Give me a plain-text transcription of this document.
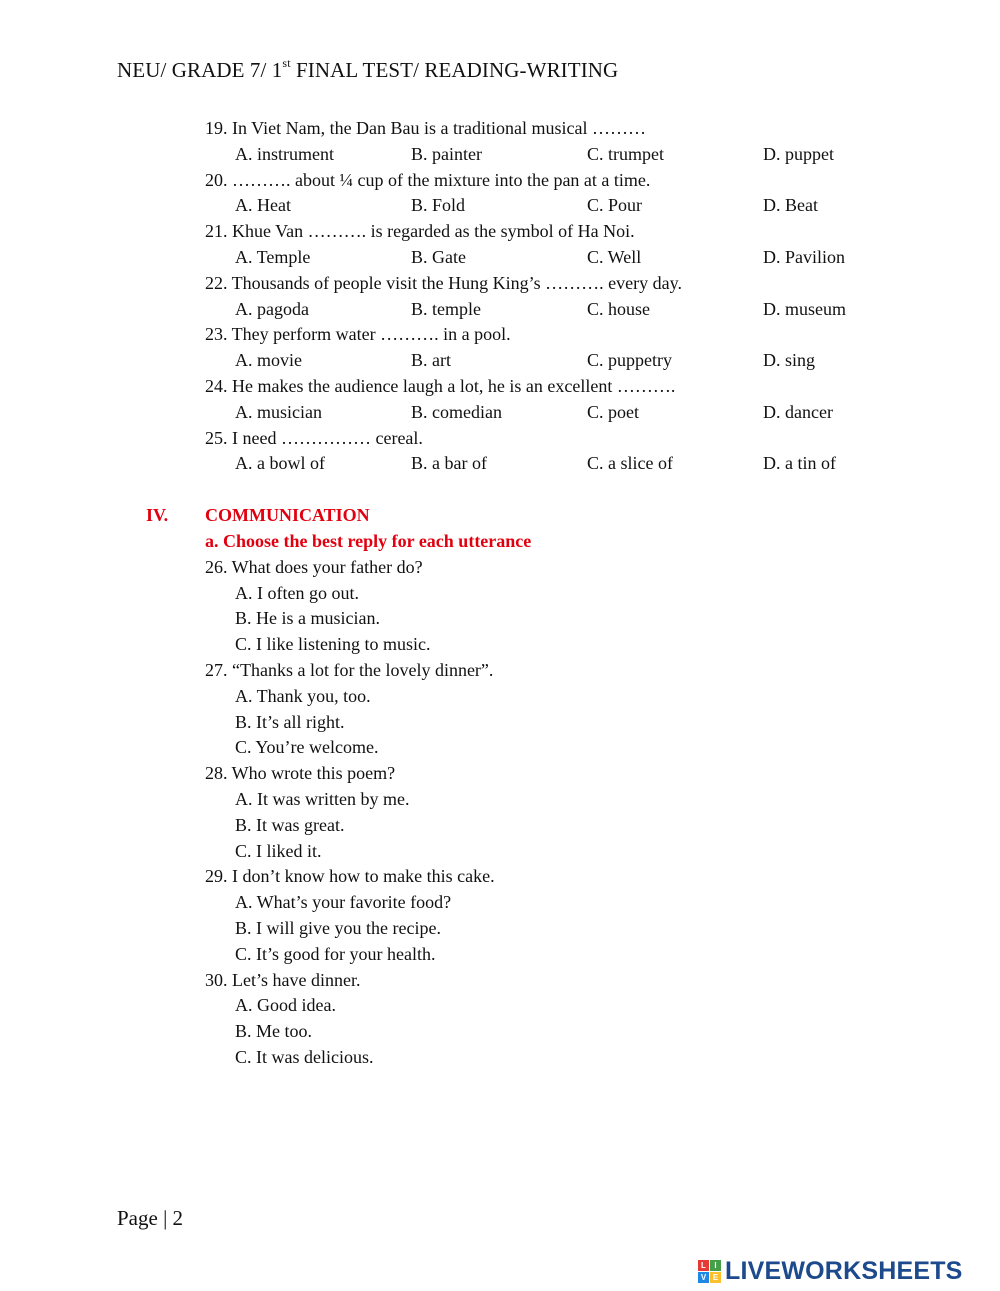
NEU/ GRADE 7/ 1st FINAL TEST/ READING-WRITING
19. In Viet Nam, the Dan Bau is a traditional musical ………
A. instrument	B. painter	C. trumpet	D. puppet
20. ………. about ¼ cup of the mixture into the pan at a time.
A. Heat	B. Fold	C. Pour	D. Beat
21. Khue Van ………. is regarded as the symbol of Ha Noi.
A. Temple	B. Gate	C. Well	D. Pavilion
22. Thousands of people visit the Hung King’s ………. every day.
A. pagoda	B. temple	C. house	D. museum
23. They perform water ………. in a pool.
A. movie	B. art	C. puppetry	D. sing
24. He makes the audience laugh a lot, he is an excellent ……….
A. musician	B. comedian	C. poet	D. dancer
25. I need …………… cereal.
A. a bowl of	B. a bar of	C. a slice of	D. a tin of
IV. COMMUNICATION
a. Choose the best reply for each utterance
26. What does your father do?
A. I often go out.
B. He is a musician.
C. I like listening to music.
27. “Thanks a lot for the lovely dinner”.
A. Thank you, too.
B. It’s all right.
C. You’re welcome.
28. Who wrote this poem?
A. It was written by me.
B. It was great.
C. I liked it.
29. I don’t know how to make this cake.
A. What’s your favorite food?
B. I will give you the recipe.
C. It’s good for your health.
30. Let’s have dinner.
A. Good idea.
B. Me too.
C. It was delicious.
Page | 2
L	I
V E LIVEWORKSHEETS
